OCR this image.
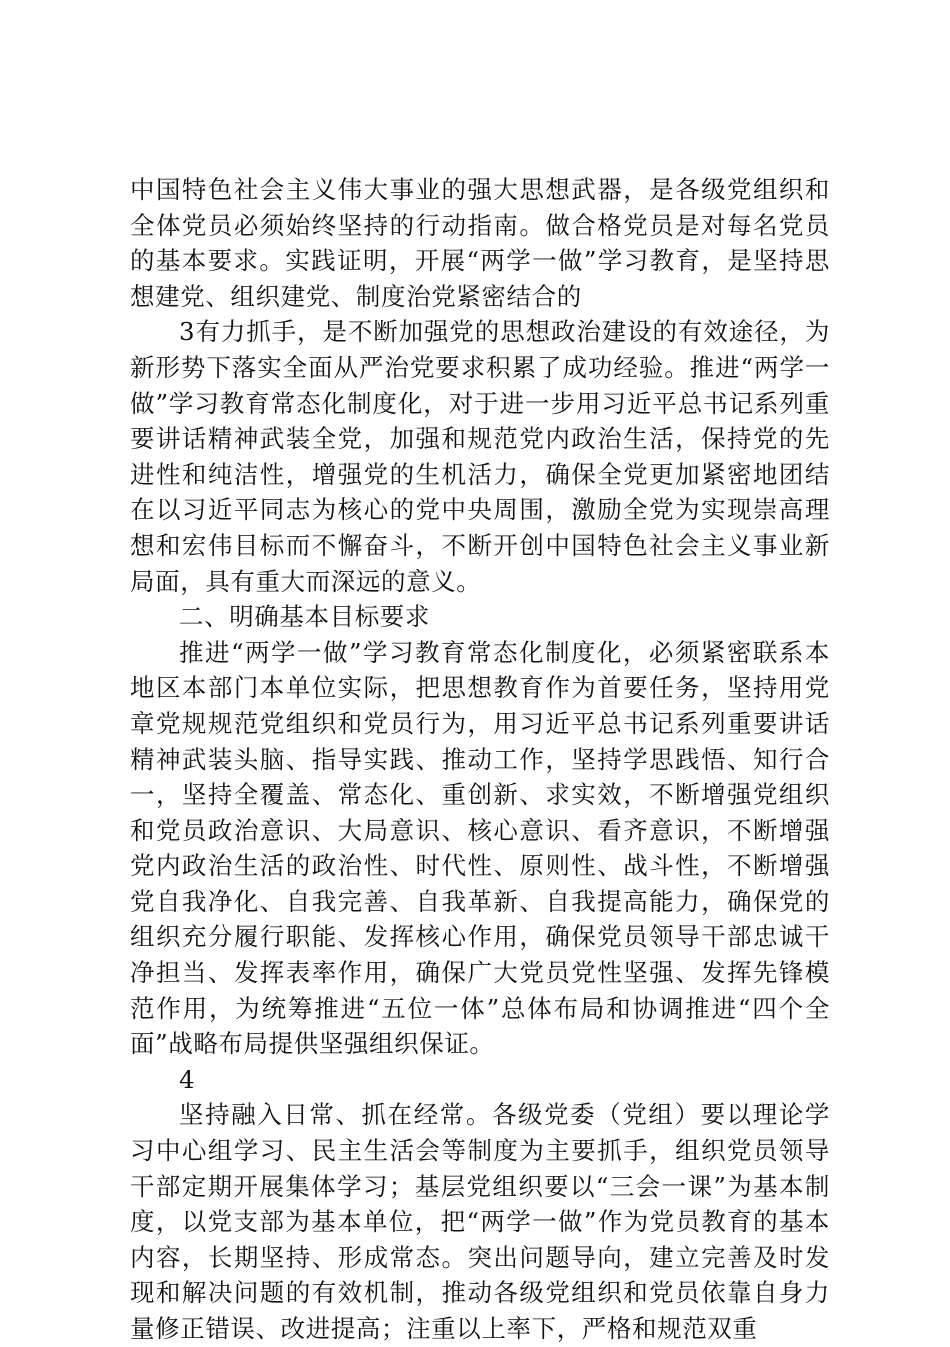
中国特色社会主义伟大事业的强大思想武器，是各级党组织和全体党员必须始终坚持的行动指南。做合格党员是对每名党员的基本要求。实践证明，开展“两学一做”学习教育，是坚持思想建党、组织建党、制度治党紧密结合的

3有力抓手，是不断加强党的思想政治建设的有效途径，为新形势下落实全面从严治党要求积累了成功经验。推进“两学一做”学习教育常态化制度化，对于进一步用习近平总书记系列重要讲话精神武装全党，加强和规范党内政治生活，保持党的先进性和纯洁性，增强党的生机活力，确保全党更加紧密地团结在以习近平同志为核心的党中央周围，激励全党为实现崇高理想和宏伟目标而不懈奋斗，不断开创中国特色社会主义事业新局面，具有重大而深远的意义。

二、明确基本目标要求

推进“两学一做”学习教育常态化制度化，必须紧密联系本地区本部门本单位实际，把思想教育作为首要任务，坚持用党章党规规范党组织和党员行为，用习近平总书记系列重要讲话精神武装头脑、指导实践、推动工作，坚持学思践悟、知行合一，坚持全覆盖、常态化、重创新、求实效，不断增强党组织和党员政治意识、大局意识、核心意识、看齐意识，不断增强党内政治生活的政治性、时代性、原则性、战斗性，不断增强党自我净化、自我完善、自我革新、自我提高能力，确保党的组织充分履行职能、发挥核心作用，确保党员领导干部忠诚干净担当、发挥表率作用，确保广大党员党性坚强、发挥先锋模范作用，为统筹推进“五位一体”总体布局和协调推进“四个全面”战略布局提供坚强组织保证。

4

坚持融入日常、抓在经常。各级党委（党组）要以理论学习中心组学习、民主生活会等制度为主要抓手，组织党员领导干部定期开展集体学习；基层党组织要以“三会一课”为基本制度，以党支部为基本单位，把“两学一做”作为党员教育的基本内容，长期坚持、形成常态。突出问题导向，建立完善及时发现和解决问题的有效机制，推动各级党组织和党员依靠自身力量修正错误、改进提高；注重以上率下，严格和规范双重
